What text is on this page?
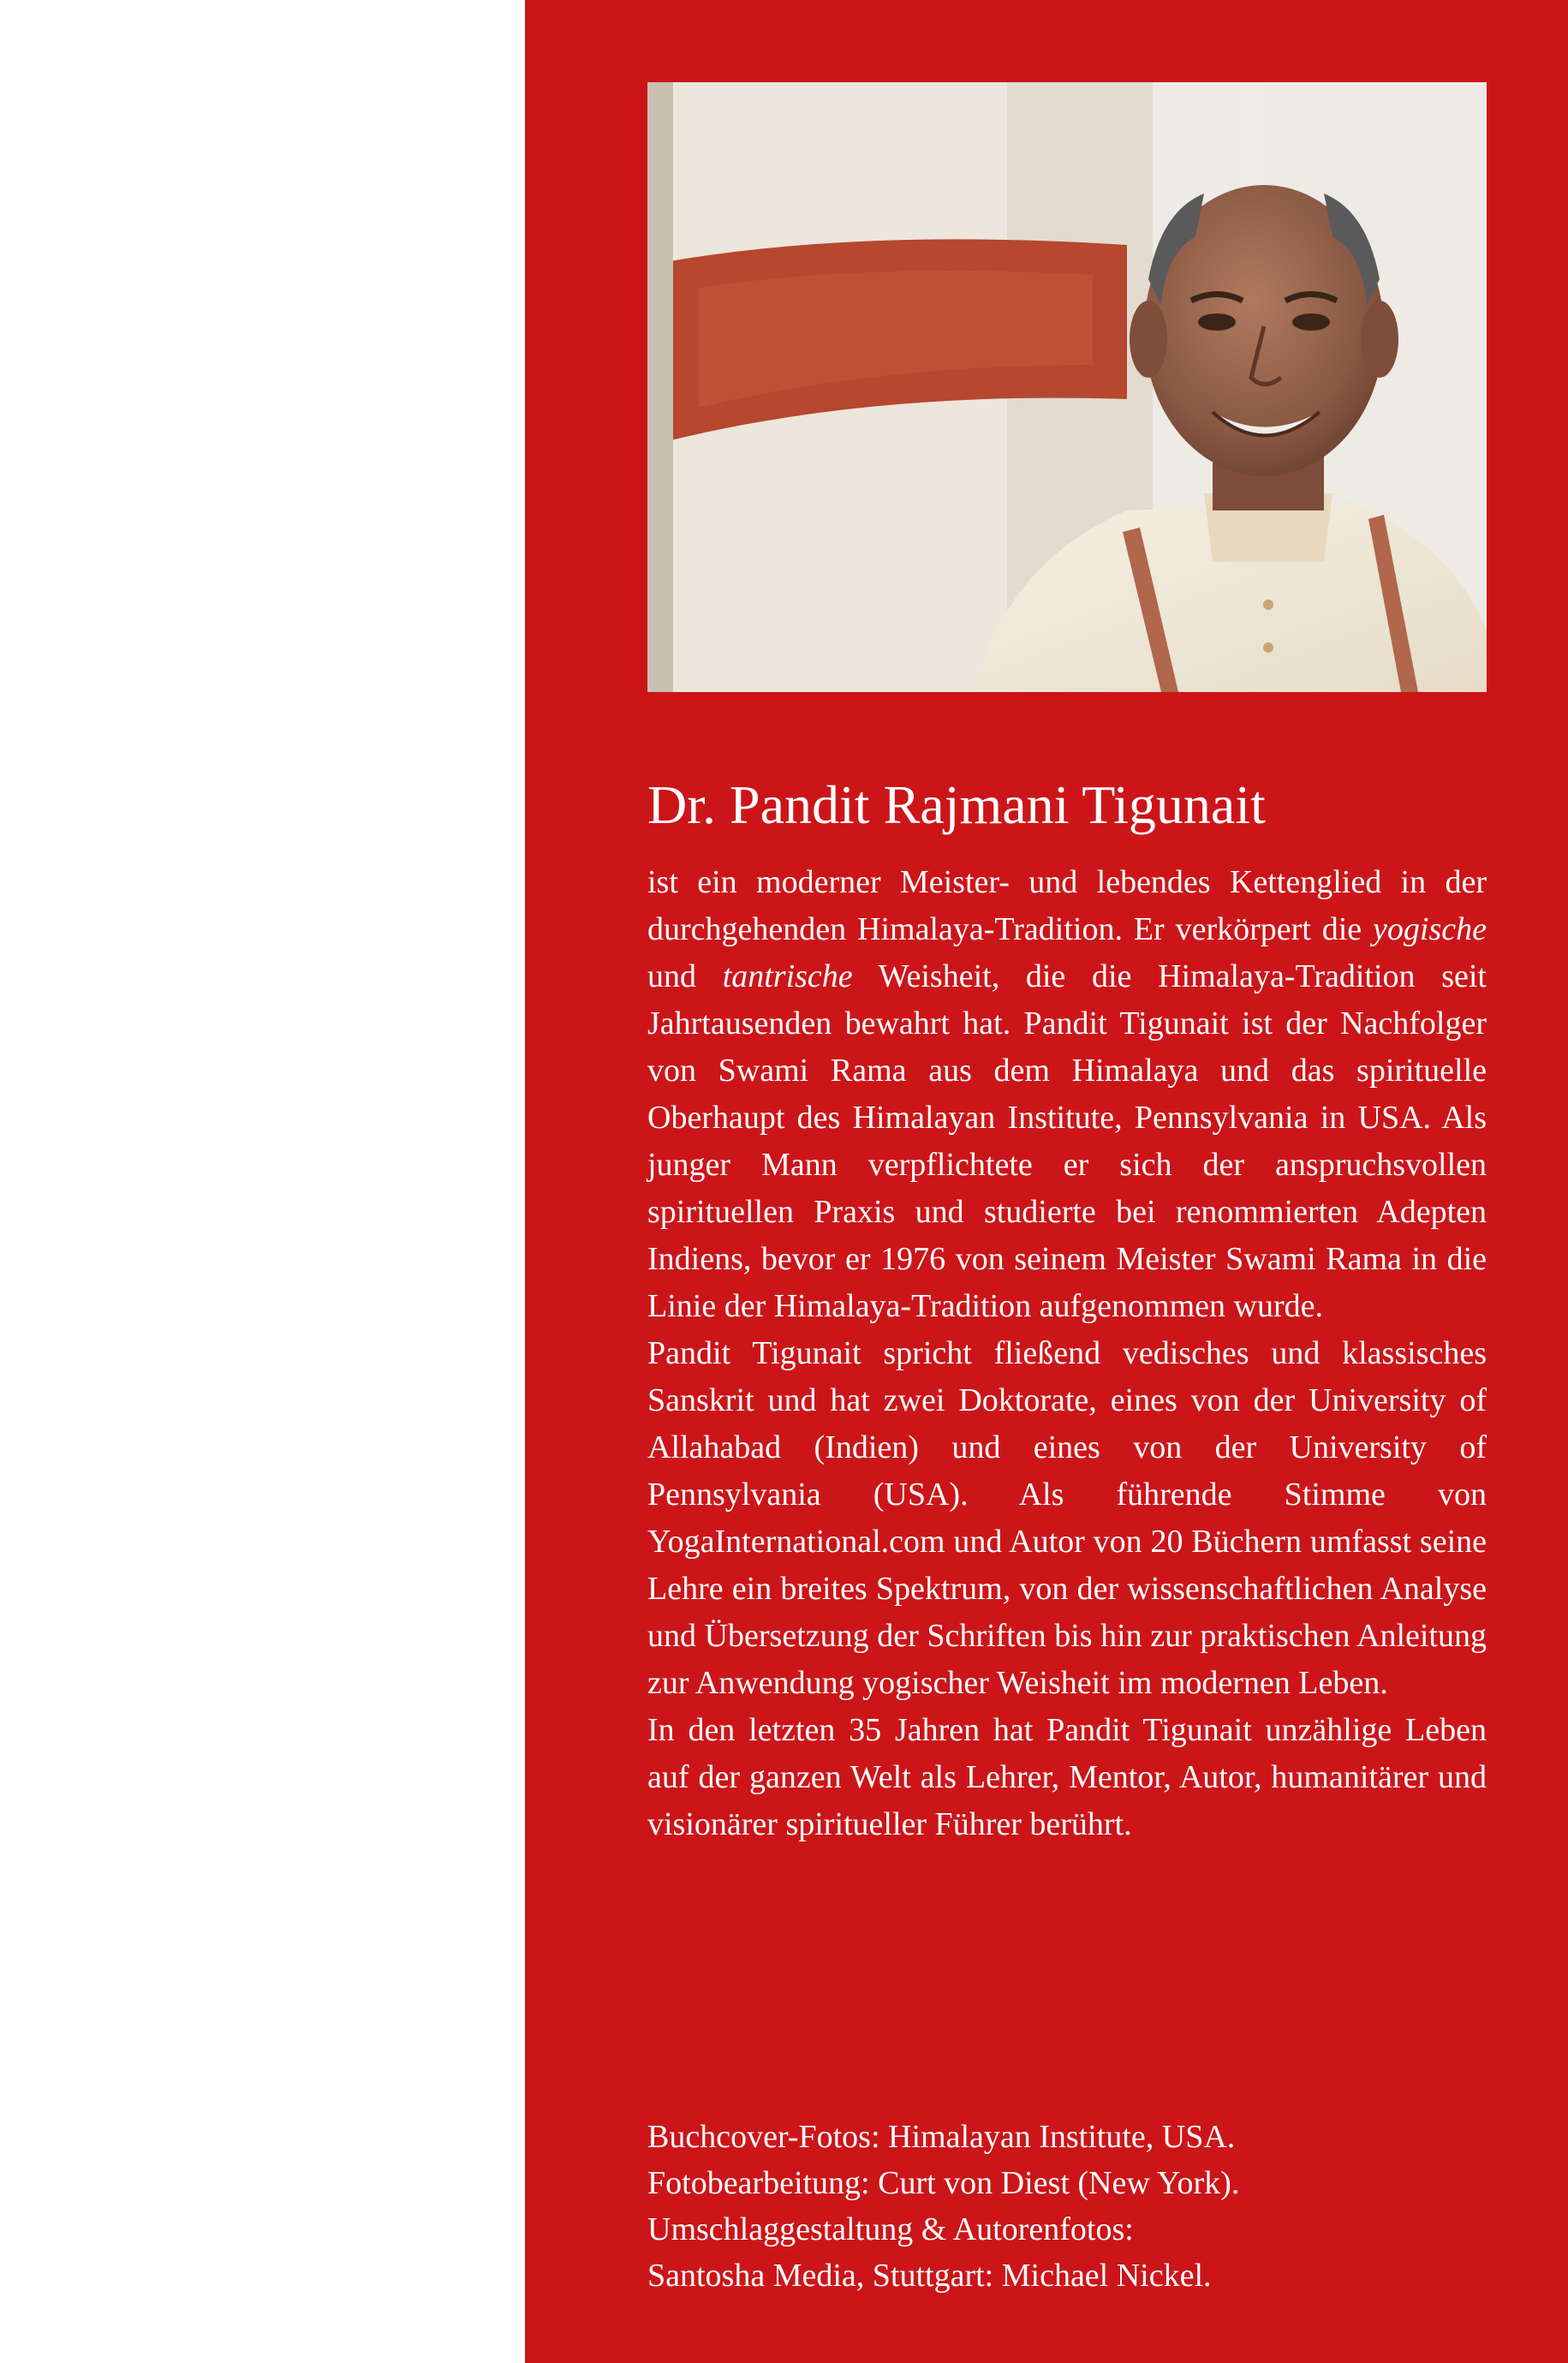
Dr. Pandit Rajmani Tigunait

ist ein moderner Meister- und lebendes Kettenglied in der durchgehenden Himalaya-Tradition. Er verkörpert die yogische und tantrische Weisheit, die die Himalaya-Tradition seit Jahrtausenden bewahrt hat. Pandit Tigunait ist der Nachfolger von Swami Rama aus dem Himalaya und das spirituelle Oberhaupt des Himalayan Institute, Pennsylvania in USA. Als junger Mann verpflichtete er sich der anspruchsvollen spirituellen Praxis und studierte bei renommierten Adepten Indiens, bevor er 1976 von seinem Meister Swami Rama in die Linie der Himalaya-Tradition aufgenommen wurde.

Pandit Tigunait spricht fließend vedisches und klassisches Sanskrit und hat zwei Doktorate, eines von der University of Allahabad (Indien) und eines von der University of Pennsylvania (USA). Als führende Stimme von YogaInternational.com und Autor von 20 Büchern umfasst seine Lehre ein breites Spektrum, von der wissenschaftlichen Analyse und Übersetzung der Schriften bis hin zur praktischen Anleitung zur Anwendung yogischer Weisheit im modernen Leben.

In den letzten 35 Jahren hat Pandit Tigunait unzählige Leben auf der ganzen Welt als Lehrer, Mentor, Autor, humanitärer und visionärer spiritueller Führer berührt.

Buchcover-Fotos: Himalayan Institute, USA.
Fotobearbeitung: Curt von Diest (New York).
Umschlaggestaltung & Autorenfotos:
Santosha Media, Stuttgart: Michael Nickel.
